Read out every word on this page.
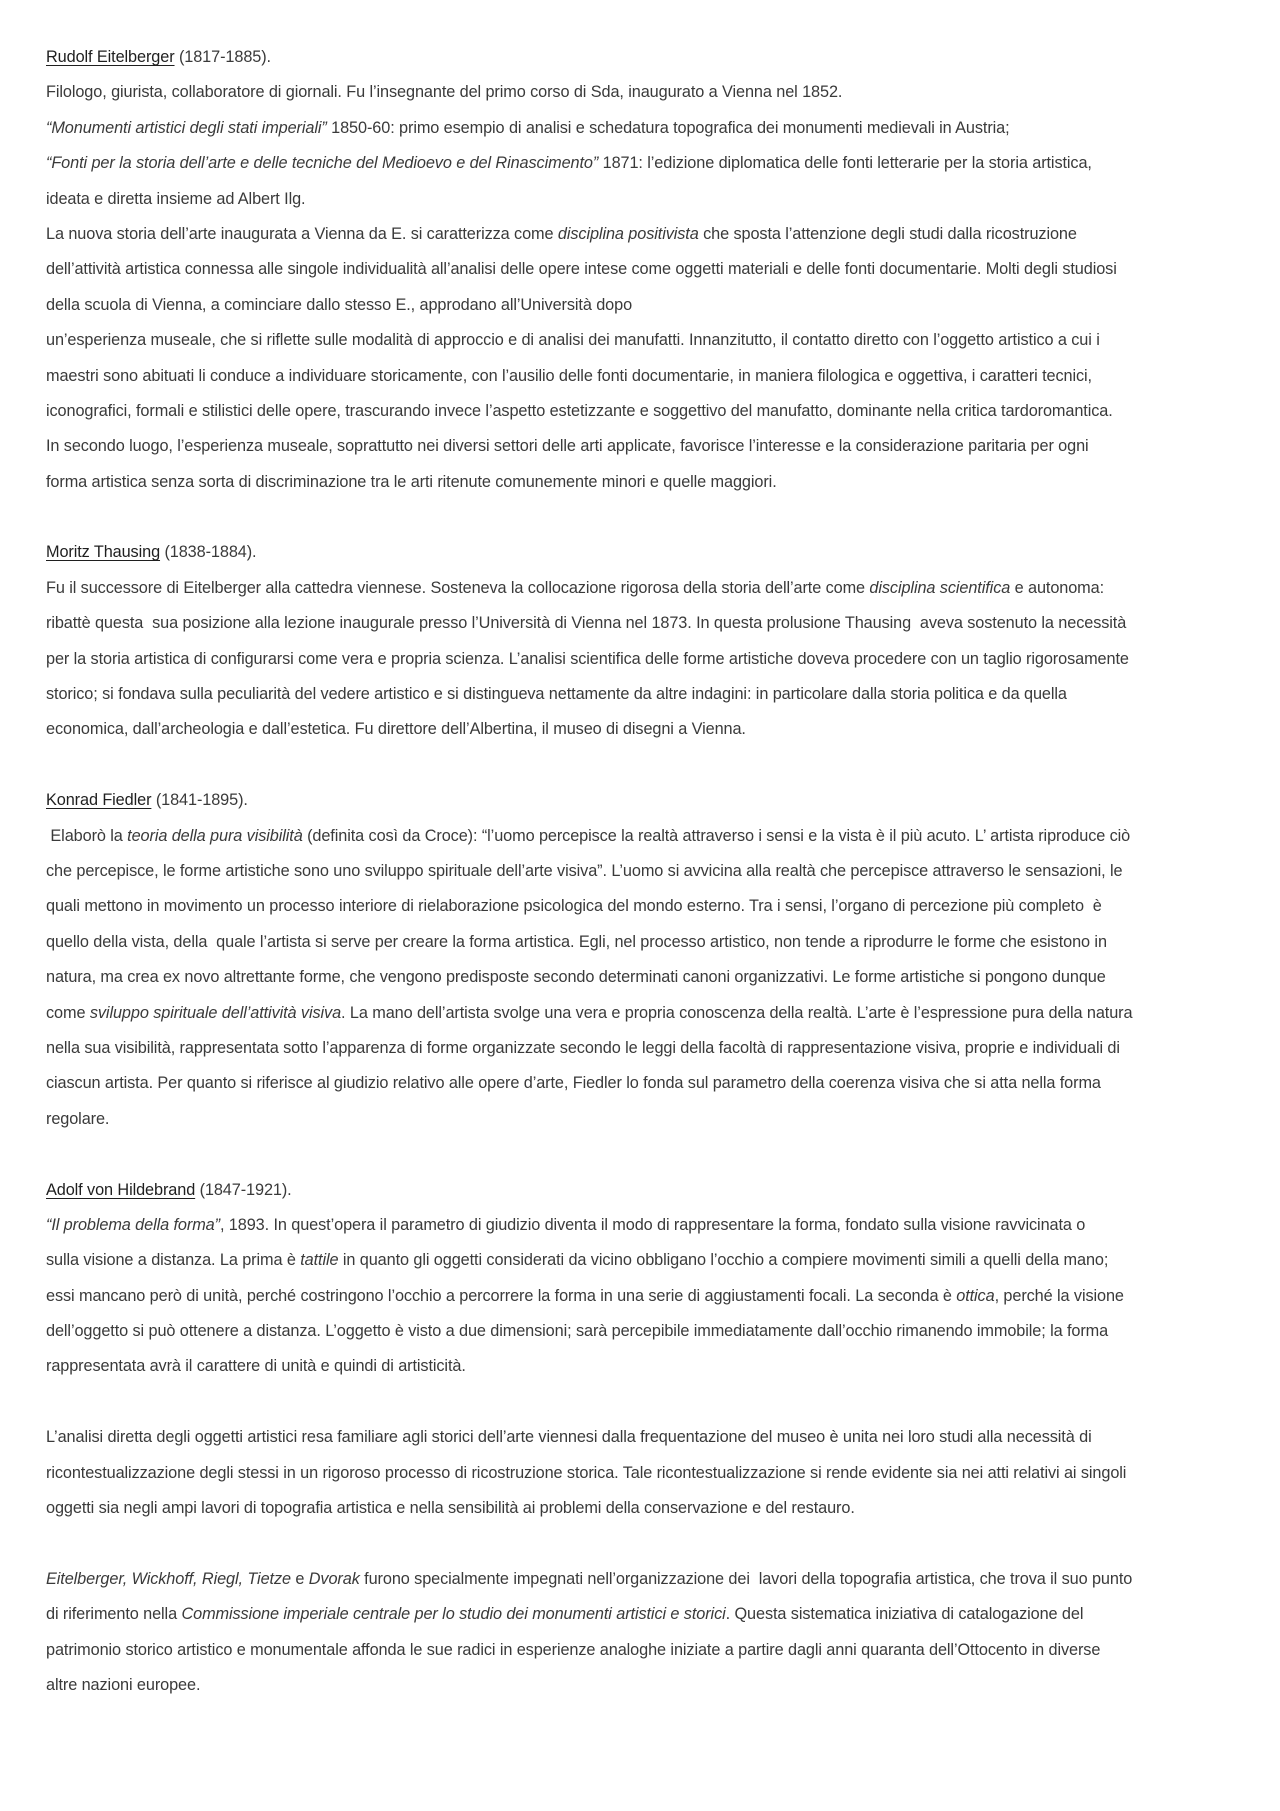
Rudolf Eitelberger (1817-1885).
Filologo, giurista, collaboratore di giornali. Fu l’insegnante del primo corso di Sda, inaugurato a Vienna nel 1852.
“Monumenti artistici degli stati imperiali” 1850-60: primo esempio di analisi e schedatura topografica dei monumenti medievali in Austria;
“Fonti per la storia dell’arte e delle tecniche del Medioevo e del Rinascimento” 1871: l’edizione diplomatica delle fonti letterarie per la storia artistica,
ideata e diretta insieme ad Albert Ilg.
La nuova storia dell’arte inaugurata a Vienna da E. si caratterizza come disciplina positivista che sposta l’attenzione degli studi dalla ricostruzione
dell’attività artistica connessa alle singole individualità all’analisi delle opere intese come oggetti materiali e delle fonti documentarie. Molti degli studiosi
della scuola di Vienna, a cominciare dallo stesso E., approdano all’Università dopo
un’esperienza museale, che si riflette sulle modalità di approccio e di analisi dei manufatti. Innanzitutto, il contatto diretto con l’oggetto artistico a cui i
maestri sono abituati li conduce a individuare storicamente, con l’ausilio delle fonti documentarie, in maniera filologica e oggettiva, i caratteri tecnici,
iconografici, formali e stilistici delle opere, trascurando invece l’aspetto estetizzante e soggettivo del manufatto, dominante nella critica tardoromantica.
In secondo luogo, l’esperienza museale, soprattutto nei diversi settori delle arti applicate, favorisce l’interesse e la considerazione paritaria per ogni
forma artistica senza sorta di discriminazione tra le arti ritenute comunemente minori e quelle maggiori.
Moritz Thausing (1838-1884).
Fu il successore di Eitelberger alla cattedra viennese. Sosteneva la collocazione rigorosa della storia dell’arte come disciplina scientifica e autonoma:
ribattè questa  sua posizione alla lezione inaugurale presso l’Università di Vienna nel 1873. In questa prolusione Thausing  aveva sostenuto la necessità
per la storia artistica di configurarsi come vera e propria scienza. L’analisi scientifica delle forme artistiche doveva procedere con un taglio rigorosamente
storico; si fondava sulla peculiarità del vedere artistico e si distingueva nettamente da altre indagini: in particolare dalla storia politica e da quella
economica, dall’archeologia e dall’estetica. Fu direttore dell’Albertina, il museo di disegni a Vienna.
Konrad Fiedler (1841-1895).
Elaborò la teoria della pura visibilità (definita così da Croce): “l’uomo percepisce la realtà attraverso i sensi e la vista è il più acuto. L’ artista riproduce ciò
che percepisce, le forme artistiche sono uno sviluppo spirituale dell’arte visiva”. L’uomo si avvicina alla realtà che percepisce attraverso le sensazioni, le
quali mettono in movimento un processo interiore di rielaborazione psicologica del mondo esterno. Tra i sensi, l’organo di percezione più completo  è
quello della vista, della  quale l’artista si serve per creare la forma artistica. Egli, nel processo artistico, non tende a riprodurre le forme che esistono in
natura, ma crea ex novo altrettante forme, che vengono predisposte secondo determinati canoni organizzativi. Le forme artistiche si pongono dunque
come sviluppo spirituale dell’attività visiva. La mano dell’artista svolge una vera e propria conoscenza della realtà. L’arte è l’espressione pura della natura
nella sua visibilità, rappresentata sotto l’apparenza di forme organizzate secondo le leggi della facoltà di rappresentazione visiva, proprie e individuali di
ciascun artista. Per quanto si riferisce al giudizio relativo alle opere d’arte, Fiedler lo fonda sul parametro della coerenza visiva che si atta nella forma
regolare.
Adolf von Hildebrand (1847-1921).
“Il problema della forma”, 1893. In quest’opera il parametro di giudizio diventa il modo di rappresentare la forma, fondato sulla visione ravvicinata o
sulla visione a distanza. La prima è tattile in quanto gli oggetti considerati da vicino obbligano l’occhio a compiere movimenti simili a quelli della mano;
essi mancano però di unità, perché costringono l’occhio a percorrere la forma in una serie di aggiustamenti focali. La seconda è ottica, perché la visione
dell’oggetto si può ottenere a distanza. L’oggetto è visto a due dimensioni; sarà percepibile immediatamente dall’occhio rimanendo immobile; la forma
rappresentata avrà il carattere di unità e quindi di artisticità.
L’analisi diretta degli oggetti artistici resa familiare agli storici dell’arte viennesi dalla frequentazione del museo è unita nei loro studi alla necessità di
ricontestualizzazione degli stessi in un rigoroso processo di ricostruzione storica. Tale ricontestualizzazione si rende evidente sia nei atti relativi ai singoli
oggetti sia negli ampi lavori di topografia artistica e nella sensibilità ai problemi della conservazione e del restauro.
Eitelberger, Wickhoff, Riegl, Tietze e Dvorak furono specialmente impegnati nell’organizzazione dei  lavori della topografia artistica, che trova il suo punto
di riferimento nella Commissione imperiale centrale per lo studio dei monumenti artistici e storici. Questa sistematica iniziativa di catalogazione del
patrimonio storico artistico e monumentale affonda le sue radici in esperienze analoghe iniziate a partire dagli anni quaranta dell’Ottocento in diverse
altre nazioni europee.
